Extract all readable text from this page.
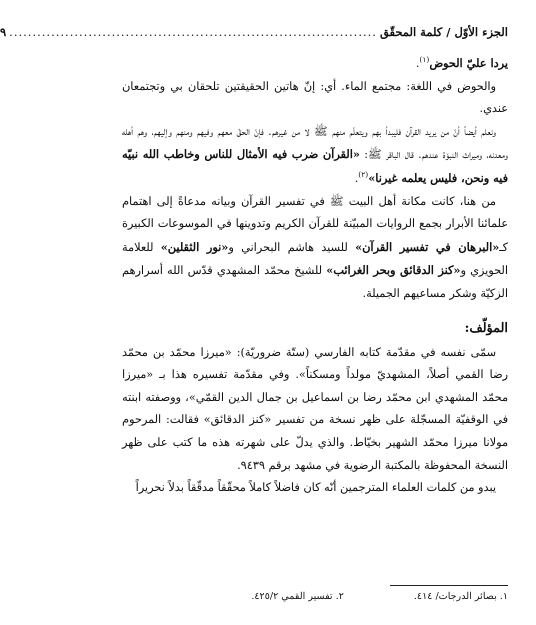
الجزء الأوّل / كلمة المحقّق
...............................................................................
٩

يردا عليّ الحوض$^{(١)}$.

والحوض في اللغة: مجتمع الماء. أي: إنّ هاتين الحقيقتين تلحقان بي وتجتمعان عندي.

ونعلم أيضاً أنّ من يريد القرآن فليبدأ بهم ويتعلّم منهم ﷺ لا من غيرهم. فإنّ الحقّ معهم وفيهم ومنهم وإليهم، وهم أهله ومعدنه، وميراث النبوّة عندهم. قال الباقر ﷺ: «القرآن ضرب فيه الأمثال للناس وخاطب الله نبيّه فيه ونحن، فليس يعلمه غيرنا»$^{(٢)}$.

من هنا، كانت مكانة أهل البيت ﷺ في تفسير القرآن وبيانه مدعاةً إلى اهتمام علمائنا الأبرار بجمع الروايات المبيّنة للقرآن الكريم وتدوينها في الموسوعات الكبيرة كـ«البرهان في تفسير القرآن» للسيد هاشم البحراني و«نور الثقلين» للعلامة الحويزي و«كنز الدقائق وبحر الغرائب» للشيخ محمّد المشهدي قدّس الله أسرارهم الزكيّة وشكر مساعيهم الجميلة.

المؤلّف:

سمّى نفسه في مقدّمة كتابه الفارسي (ستّة ضروريّة): «ميرزا محمّد بن محمّد رضا القمي أصلاً، المشهديّ مولداً ومسكناً». وفي مقدّمة تفسيره هذا بـ «ميرزا محمّد المشهدي ابن محمّد رضا بن اسماعيل بن جمال الدين القمّي»، ووصفته ابنته في الوقفيّة المسجّلة على ظهر نسخة من تفسير «كنز الدقائق» فقالت: المرحوم مولانا ميرزا محمّد الشهير بخيّاط. والذي يدلّ على شهرته هذه ما كتب على ظهر النسخة المحفوظة بالمكتبة الرضوية في مشهد برقم ٩٤٣٩.

يبدو من كلمات العلماء المترجمين أنّه كان فاضلاً كاملاً محقّقاً مدقّقاً بدلاً نحريراً

١. بصائر الدرجات/ ٤١٤.
٢. تفسير القمي ٤٢٥/٢.
